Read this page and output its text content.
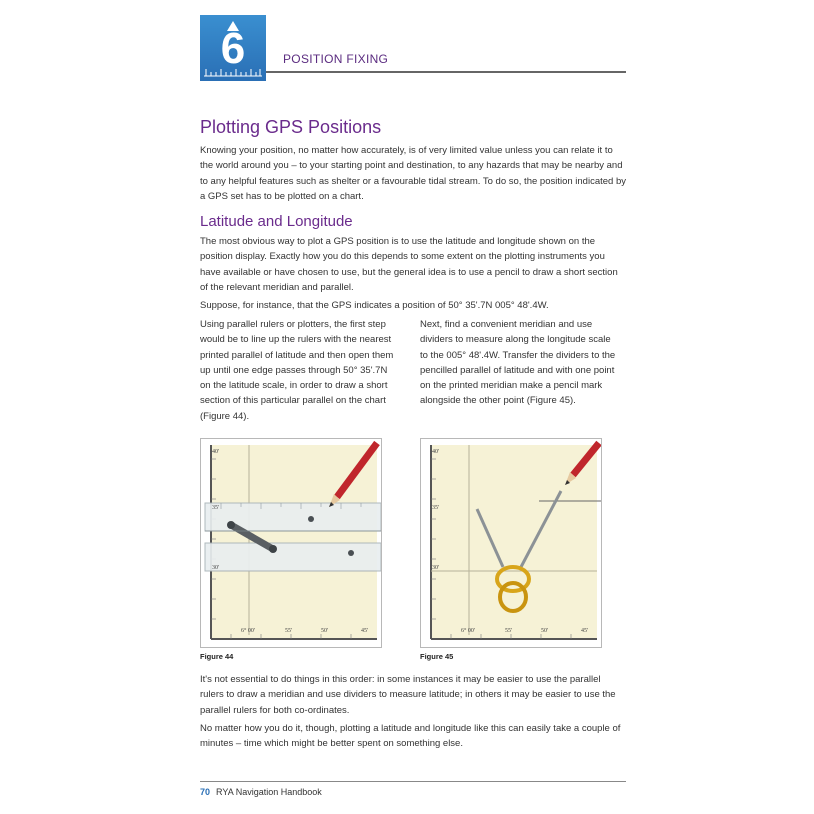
6	POSITION FIXING
Plotting GPS Positions

Knowing your position, no matter how accurately, is of very limited value unless you can relate it to the world around you – to your starting point and destination, to any hazards that may be nearby and to any helpful features such as shelter or a favourable tidal stream. To do so, the position indicated by a GPS set has to be plotted on a chart.

Latitude and Longitude

The most obvious way to plot a GPS position is to use the latitude and longitude shown on the position display. Exactly how you do this depends to some extent on the plotting instruments you have available or have chosen to use, but the general idea is to use a pencil to draw a short section of the relevant meridian and parallel.

Suppose, for instance, that the GPS indicates a position of 50° 35'.7N 005° 48'.4W.

Using parallel rulers or plotters, the first step would be to line up the rulers with the nearest printed parallel of latitude and then open them up until one edge passes through 50° 35'.7N on the latitude scale, in order to draw a short section of this particular parallel on the chart (Figure 44).

Next, find a convenient meridian and use dividers to measure along the longitude scale to the 005° 48'.4W. Transfer the dividers to the pencilled parallel of latitude and with one point on the printed meridian make a pencil mark alongside the other point (Figure 45).

40'
35'
30'
6° 00'	55'	50'	45'
Figure 44
40'
35'
30'
6° 00'	55'	50'	45'
Figure 45

It's not essential to do things in this order: in some instances it may be easier to use the parallel rulers to draw a meridian and use dividers to measure latitude; in others it may be easier to use the parallel rulers for both co-ordinates.

No matter how you do it, though, plotting a latitude and longitude like this can easily take a couple of minutes – time which might be better spent on something else.

70 RYA Navigation Handbook
